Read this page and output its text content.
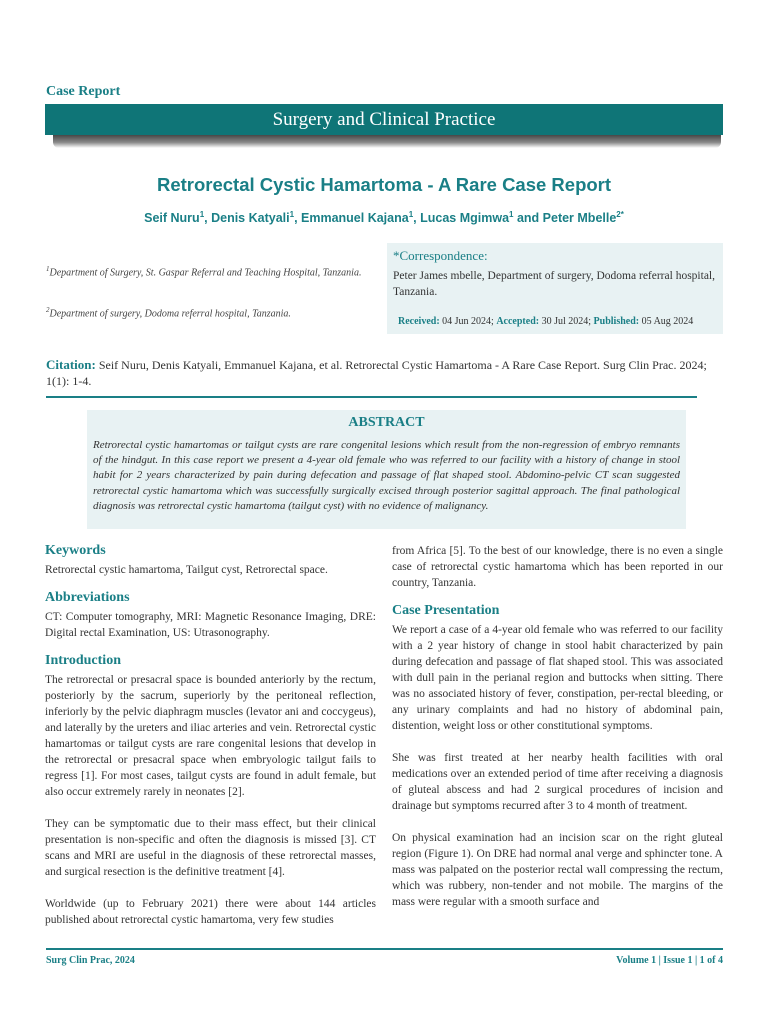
Case Report
Surgery and Clinical Practice
Retrorectal Cystic Hamartoma - A Rare Case Report
Seif Nuru$^1$, Denis Katyali$^1$, Emmanuel Kajana$^1$, Lucas Mgimwa$^1$ and Peter Mbelle$^{2*}$
$^1$Department of Surgery, St. Gaspar Referral and Teaching Hospital, Tanzania.
$^2$Department of surgery, Dodoma referral hospital, Tanzania.
*Correspondence:
Peter James mbelle, Department of surgery, Dodoma referral hospital, Tanzania.
Received: 04 Jun 2024; Accepted: 30 Jul 2024; Published: 05 Aug 2024
Citation: Seif Nuru, Denis Katyali, Emmanuel Kajana, et al. Retrorectal Cystic Hamartoma - A Rare Case Report. Surg Clin Prac. 2024; 1(1): 1-4.
ABSTRACT
Retrorectal cystic hamartomas or tailgut cysts are rare congenital lesions which result from the non-regression of embryo remnants of the hindgut. In this case report we present a 4-year old female who was referred to our facility with a history of change in stool habit for 2 years characterized by pain during defecation and passage of flat shaped stool. Abdomino-pelvic CT scan suggested retrorectal cystic hamartoma which was successfully surgically excised through posterior sagittal approach. The final pathological diagnosis was retrorectal cystic hamartoma (tailgut cyst) with no evidence of malignancy.
Keywords

Retrorectal cystic hamartoma, Tailgut cyst, Retrorectal space.

Abbreviations

CT: Computer tomography, MRI: Magnetic Resonance Imaging, DRE: Digital rectal Examination, US: Utrasonography.

Introduction

The retrorectal or presacral space is bounded anteriorly by the rectum, posteriorly by the sacrum, superiorly by the peritoneal reflection, inferiorly by the pelvic diaphragm muscles (levator ani and coccygeus), and laterally by the ureters and iliac arteries and vein. Retrorectal cystic hamartomas or tailgut cysts are rare congenital lesions that develop in the retrorectal or presacral space when embryologic tailgut fails to regress [1]. For most cases, tailgut cysts are found in adult female, but also occur extremely rarely in neonates [2].

They can be symptomatic due to their mass effect, but their clinical presentation is non-specific and often the diagnosis is missed [3]. CT scans and MRI are useful in the diagnosis of these retrorectal masses, and surgical resection is the definitive treatment [4].

Worldwide (up to February 2021) there were about 144 articles published about retrorectal cystic hamartoma, very few studies

from Africa [5]. To the best of our knowledge, there is no even a single case of retrorectal cystic hamartoma which has been reported in our country, Tanzania.

Case Presentation

We report a case of a 4-year old female who was referred to our facility with a 2 year history of change in stool habit characterized by pain during defecation and passage of flat shaped stool. This was associated with dull pain in the perianal region and buttocks when sitting. There was no associated history of fever, constipation, per-rectal bleeding, or any urinary complaints and had no history of abdominal pain, distention, weight loss or other constitutional symptoms.

She was first treated at her nearby health facilities with oral medications over an extended period of time after receiving a diagnosis of gluteal abscess and had 2 surgical procedures of incision and drainage but symptoms recurred after 3 to 4 month of treatment.

On physical examination had an incision scar on the right gluteal region (Figure 1). On DRE had normal anal verge and sphincter tone. A mass was palpated on the posterior rectal wall compressing the rectum, which was rubbery, non-tender and not mobile. The margins of the mass were regular with a smooth surface and

Surg Clin Prac, 2024	Volume 1 | Issue 1 | 1 of 4
